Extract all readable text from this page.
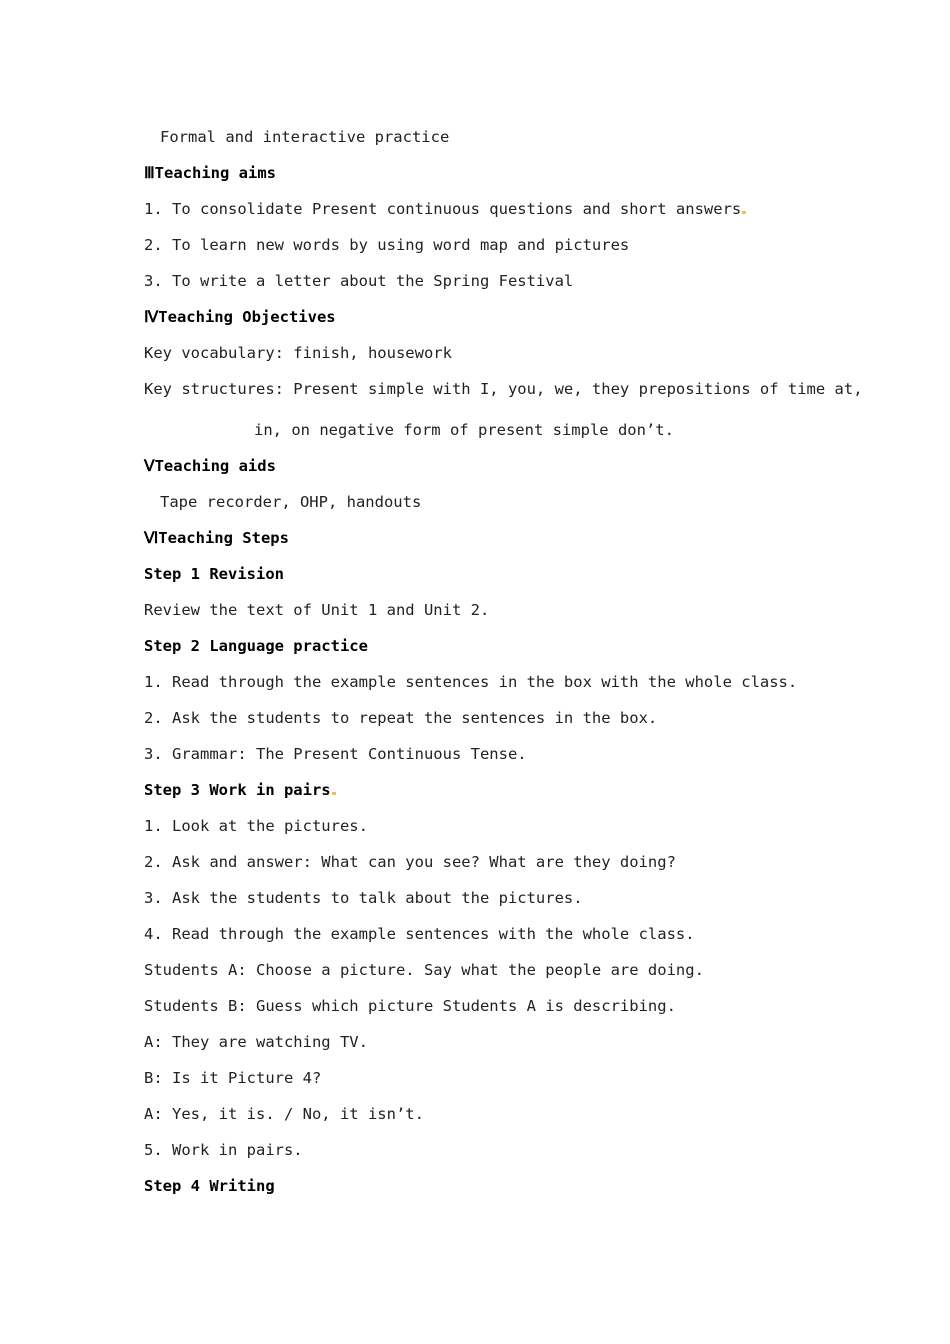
Formal and interactive practice
ⅢTeaching aims
1. To consolidate Present continuous questions and short answers
2. To learn new words by using word map and pictures
3. To write a letter about the Spring Festival
ⅣTeaching Objectives
Key vocabulary: finish, housework
Key structures: Present simple with I, you, we, they prepositions of time at,
in, on negative form of present simple don’t.
ⅤTeaching aids
Tape recorder, OHP, handouts
ⅥTeaching Steps
Step 1 Revision
Review the text of Unit 1 and Unit 2.
Step 2 Language practice
1. Read through the example sentences in the box with the whole class.
2. Ask the students to repeat the sentences in the box.
3. Grammar: The Present Continuous Tense.
Step 3 Work in pairs
1. Look at the pictures.
2. Ask and answer: What can you see? What are they doing?
3. Ask the students to talk about the pictures.
4. Read through the example sentences with the whole class.
Students A: Choose a picture. Say what the people are doing.
Students B: Guess which picture Students A is describing.
A: They are watching TV.
B: Is it Picture 4?
A: Yes, it is. / No, it isn’t.
5. Work in pairs.
Step 4 Writing
